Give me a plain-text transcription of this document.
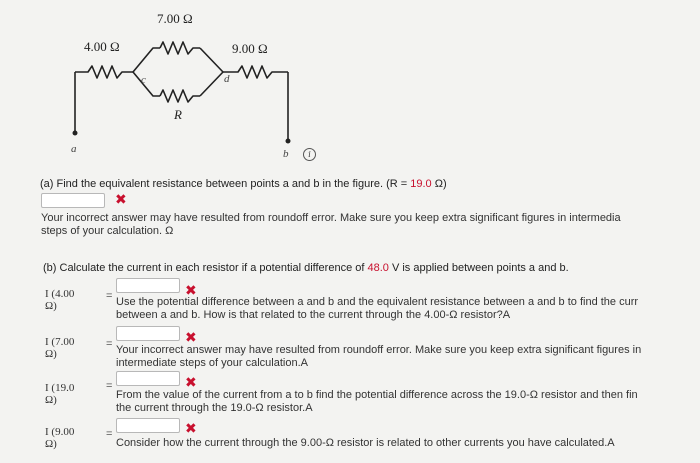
4.00 Ω
7.00 Ω
9.00 Ω
R
a	b
c	d
i
(a) Find the equivalent resistance between points a and b in the figure. (R = 19.0 Ω)
✖
Your incorrect answer may have resulted from roundoff error. Make sure you keep extra significant figures in intermedia
steps of your calculation. Ω
(b) Calculate the current in each resistor if a potential difference of 48.0 V is applied between points a and b.
I (4.00
Ω)
=	✖
Use the potential difference between a and b and the equivalent resistance between a and b to find the curr
between a and b. How is that related to the current through the 4.00-Ω resistor?A
I (7.00
Ω)
=	✖
Your incorrect answer may have resulted from roundoff error. Make sure you keep extra significant figures in
intermediate steps of your calculation.A
I (19.0
Ω)
=	✖
From the value of the current from a to b find the potential difference across the 19.0-Ω resistor and then fin
the current through the 19.0-Ω resistor.A
I (9.00
Ω)
=	✖
Consider how the current through the 9.00-Ω resistor is related to other currents you have calculated.A
